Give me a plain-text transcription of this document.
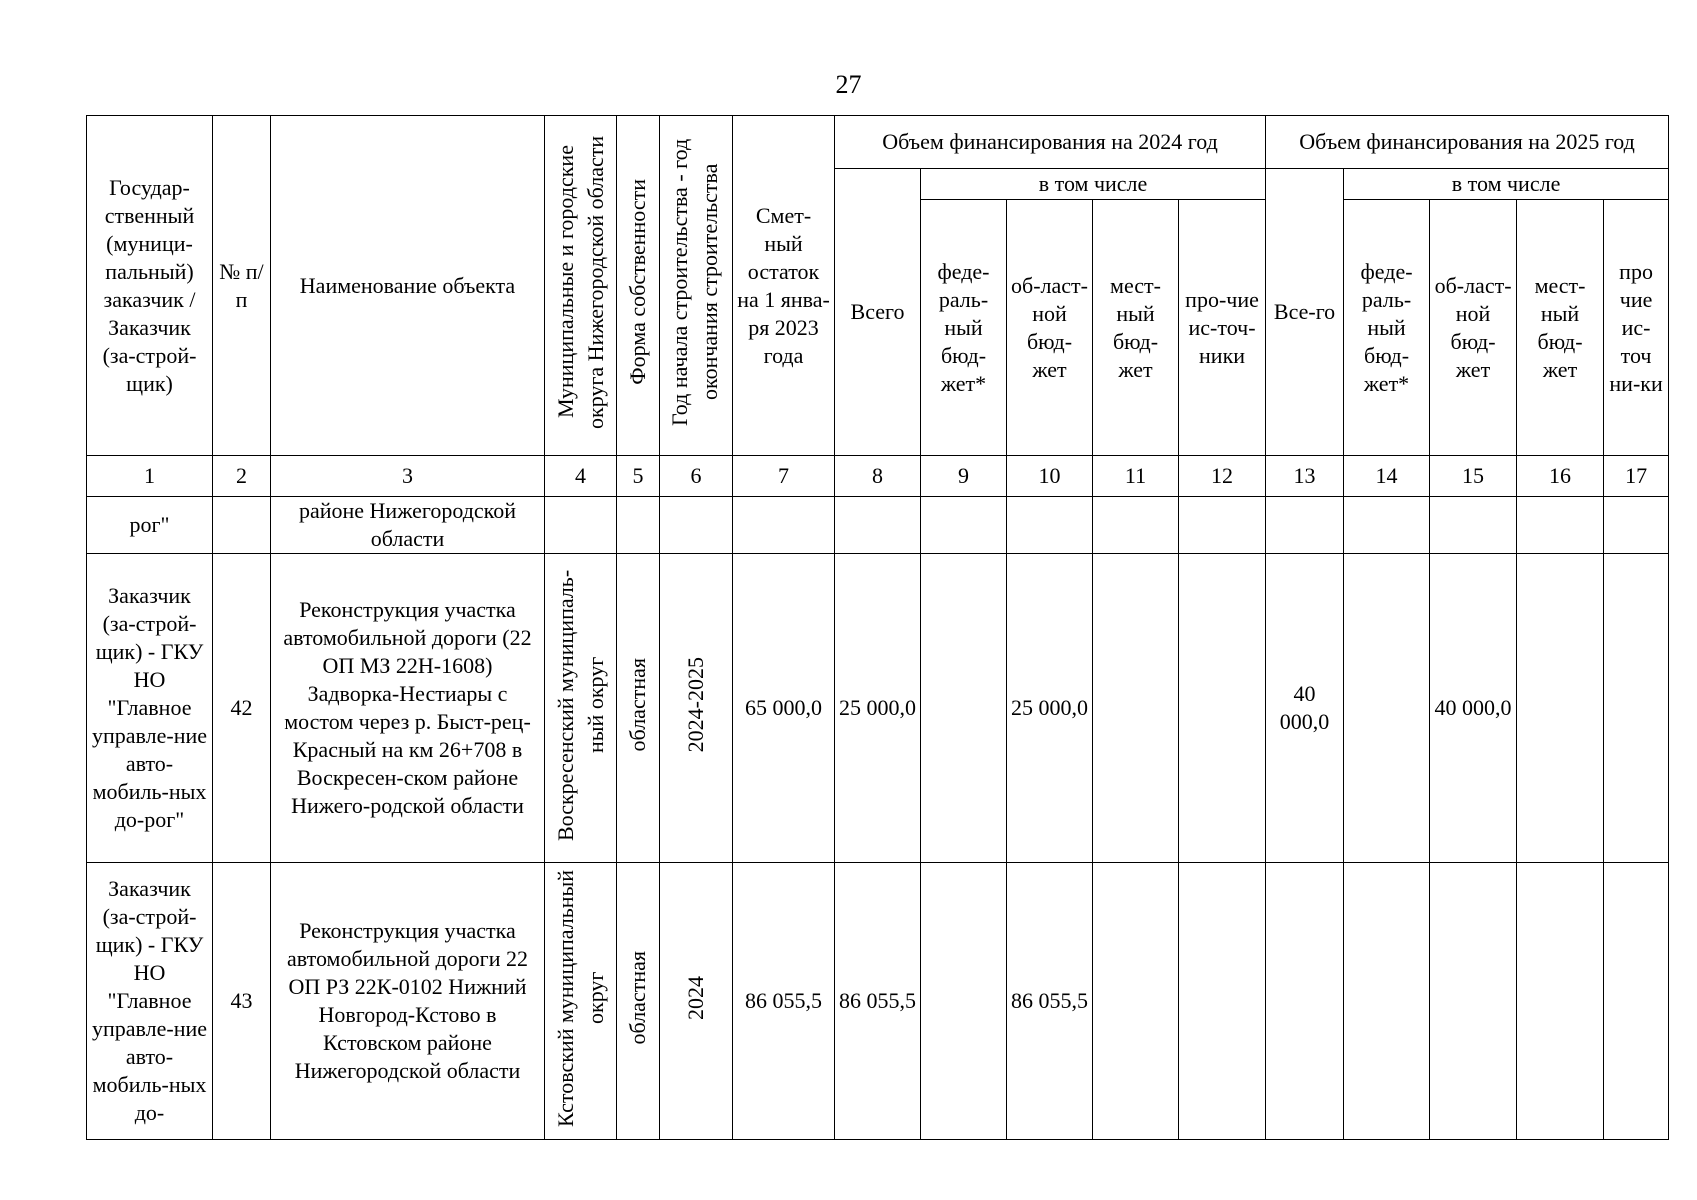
27
Государ-ственный (муници-пальный) заказчик / Заказчик (за-строй-щик)	№ п/п	Наименование объекта	Муниципальные и городские округа Нижегородской области	Форма собственности	Год начала строительства - год окончания строительства	Смет-ный остаток на 1 янва-ря 2023 года	Объем финансирования на 2024 год					Объем финансирования на 2025 год				

							Всего	в том числе				Все-го	в том числе			

								феде-раль-ный бюд-жет*	об-ласт-ной бюд-жет	мест-ный бюд-жет	про-чие ис-точ-ники		феде-раль-ный бюд-жет*	об-ласт-ной бюд-жет	мест-ный бюд-жет	про чие ис-точ ни-ки

1	2	3	4	5	6	7	8	9	10	11	12	13	14	15	16	17
рог"		районе Нижегородской области														
Заказчик (за-строй-щик) - ГКУ НО "Главное управле-ние авто-мобиль-ных до-рог"	42	Реконструкция участка автомобильной дороги (22 ОП МЗ 22Н-1608) Задворка-Нестиары с мостом через р. Быст-рец-Красный на км 26+708 в Воскресен-ском районе Нижего-родской области	Воскресенский муниципаль-ный округ	областная	2024-2025	65 000,0	25 000,0		25 000,0			40 000,0		40 000,0		
Заказчик (за-строй-щик) - ГКУ НО "Главное управле-ние авто-мобиль-ных до-	43	Реконструкция участка автомобильной дороги 22 ОП РЗ 22К-0102 Нижний Новгород-Кстово в Кстовском районе Нижегородской области	Кстовский муниципальный округ	областная	2024	86 055,5	86 055,5		86 055,5							
